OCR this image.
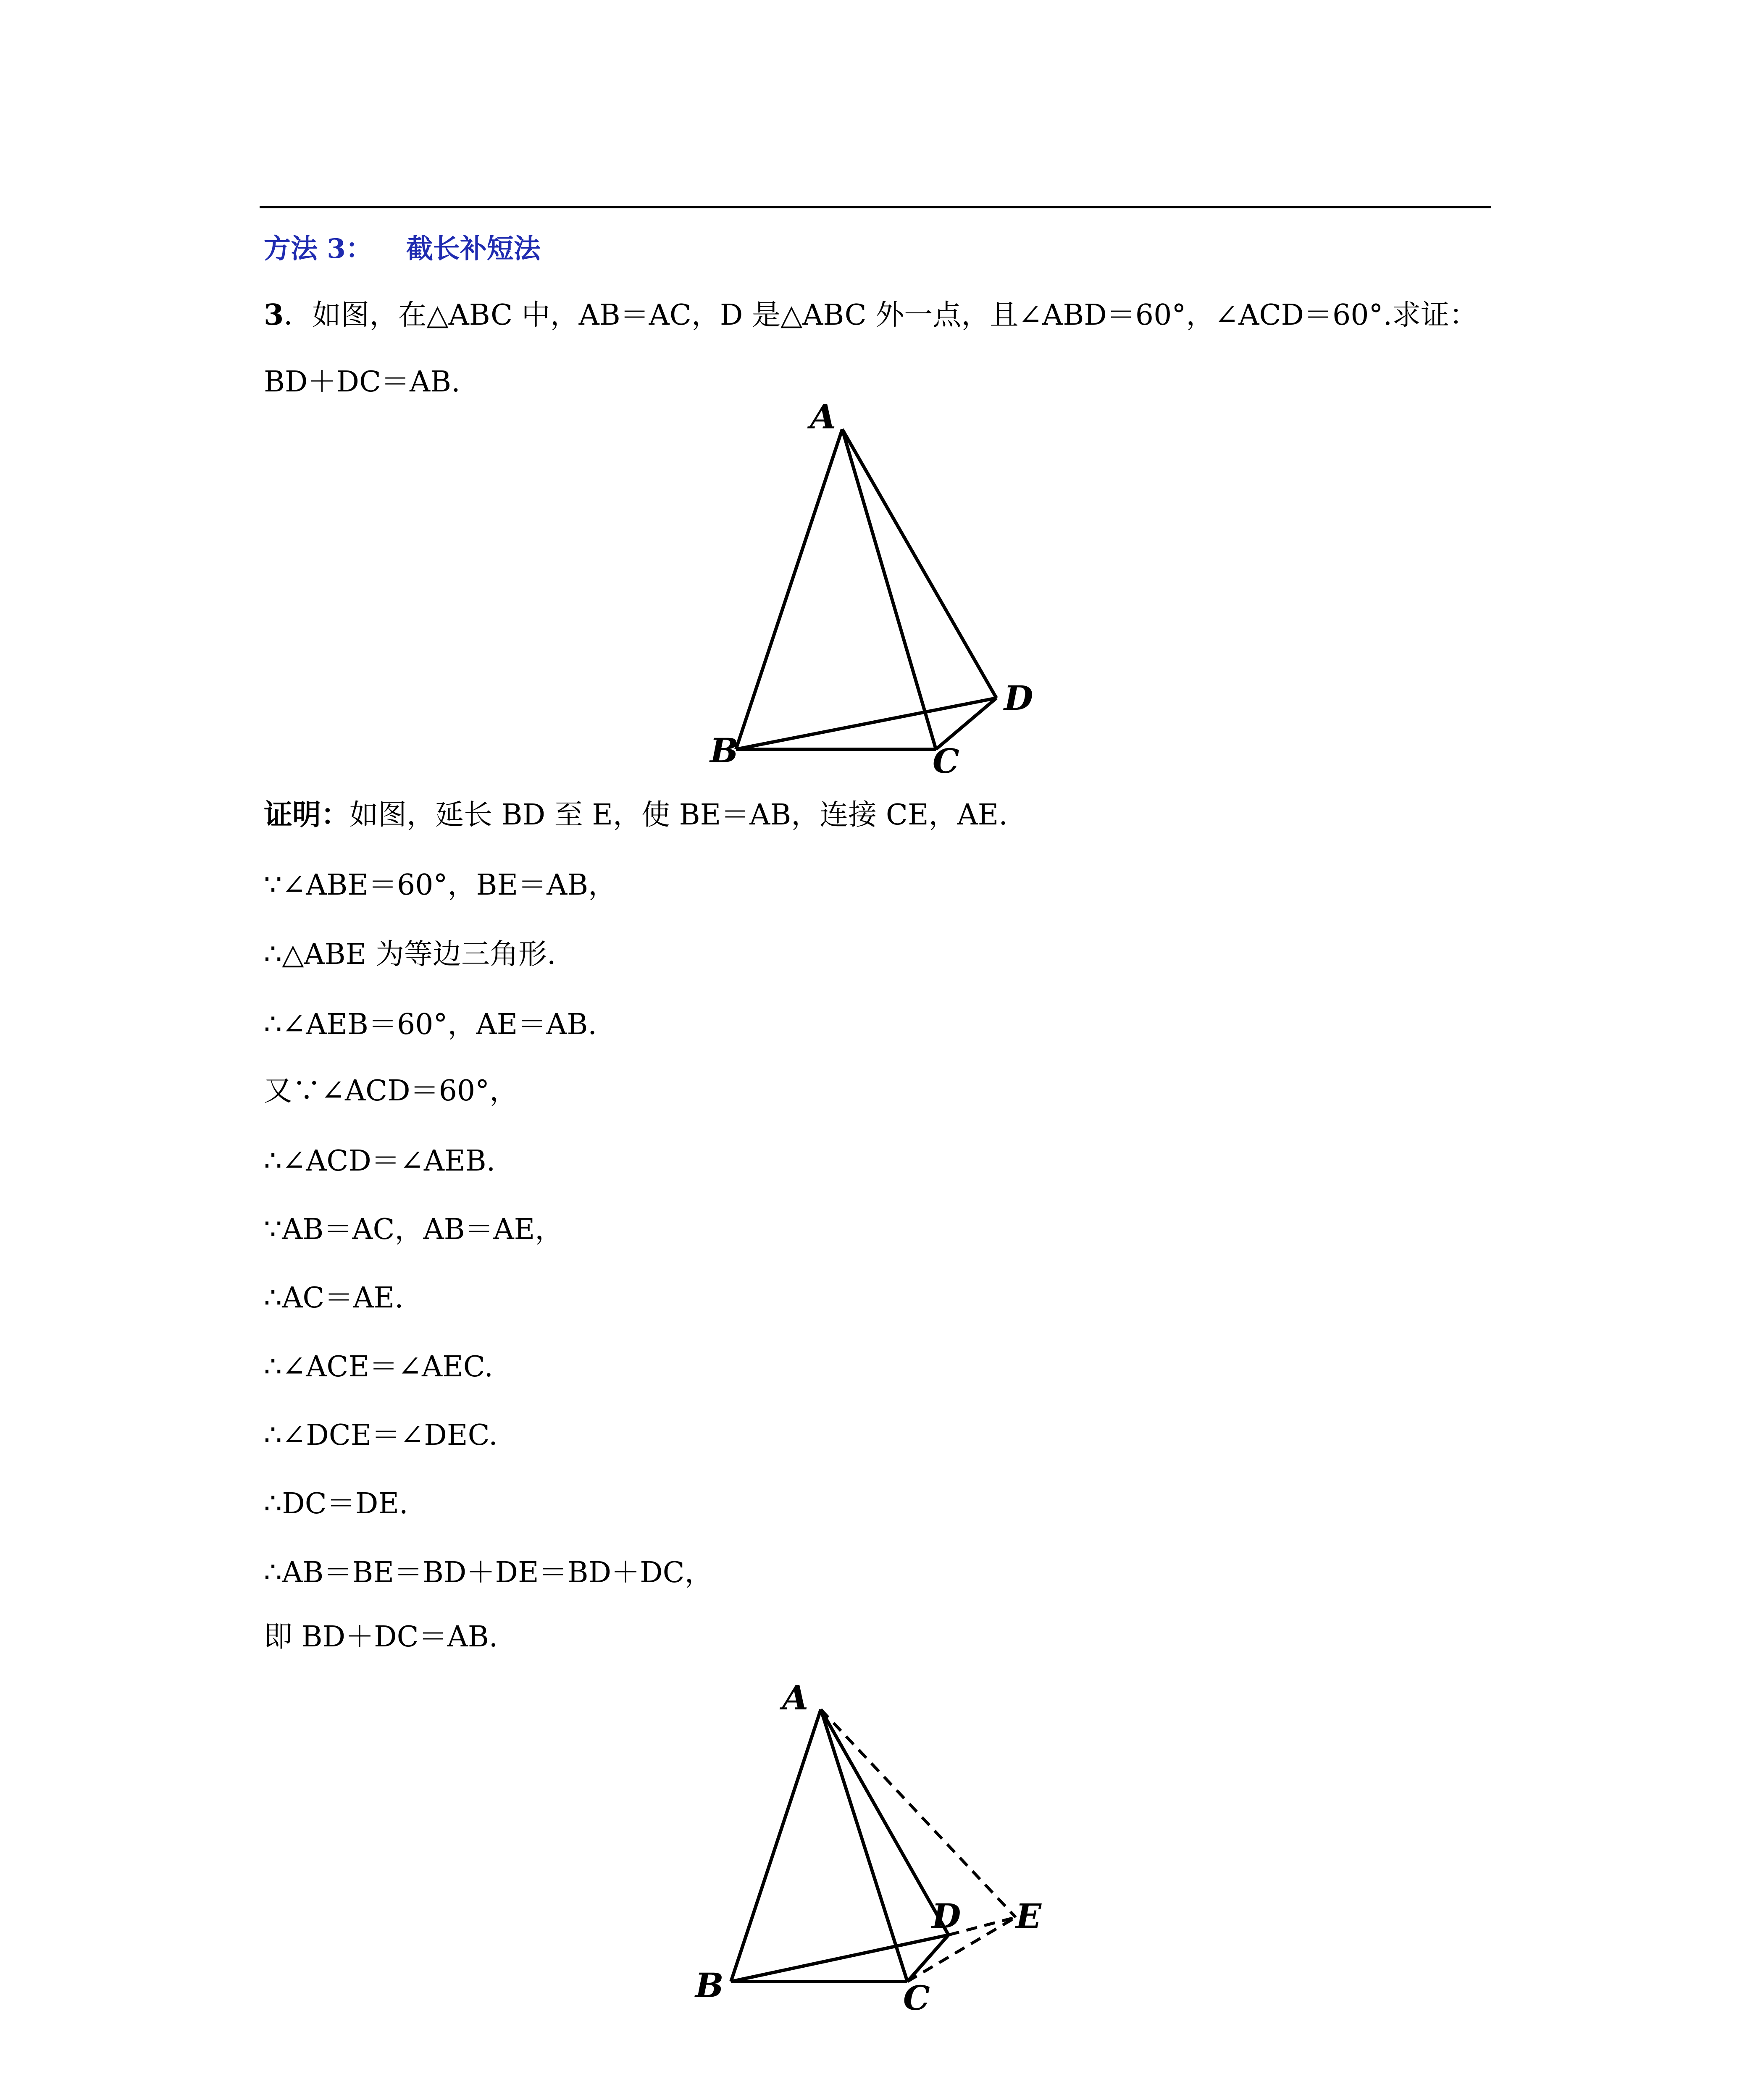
方法 3： 截长补短法
3．如图，在△ABC 中，AB＝AC，D 是△ABC 外一点，且∠ABD＝60°，∠ACD＝60°.求证：
BD＋DC＝AB.
A
B	C
D
证明：如图，延长 BD 至 E，使 BE＝AB，连接 CE，AE.
∵∠ABE＝60°，BE＝AB，
∴△ABE 为等边三角形.
∴∠AEB＝60°，AE＝AB.
又∵∠ACD＝60°，
∴∠ACD＝∠AEB.
∵AB＝AC，AB＝AE，
∴AC＝AE.
∴∠ACE＝∠AEC.
∴∠DCE＝∠DEC.
∴DC＝DE.
∴AB＝BE＝BD＋DE＝BD＋DC，
即 BD＋DC＝AB.
A
B	C
D E
